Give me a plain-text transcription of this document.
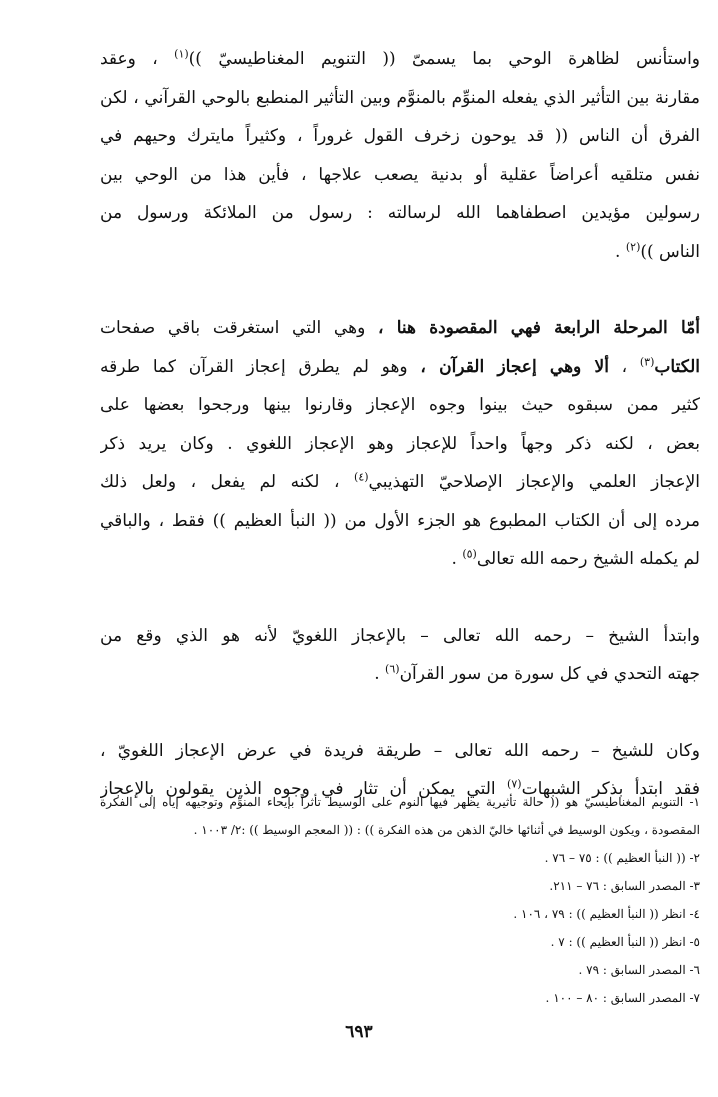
واستأنس لظاهرة الوحي بما يسمىّ (( التنويم المغناطيسيّ ))$^{(١)}$ ، وعقد
مقارنة بين التأثير الذي يفعله المنوِّم بالمنوَّم وبين التأثير المنطبع بالوحي القرآني ، لكن
الفرق أن الناس (( قد يوحون زخرف القول غروراً ، وكثيراً مايترك وحيهم في
نفس متلقيه أعراضاً عقلية أو بدنية يصعب علاجها ، فأين هذا من الوحي بين
رسولين مؤيدين اصطفاهما الله لرسالته : رسول من الملائكة ورسول من
الناس ))$^{(٢)}$ .
أمّا المرحلة الرابعة فهي المقصودة هنا ، وهي التي استغرقت باقي صفحات
الكتاب$^{(٣)}$ ، ألا وهي إعجاز القرآن ، وهو لم يطرق إعجاز القرآن كما طرقه
كثير ممن سبقوه حيث بينوا وجوه الإعجاز وقارنوا بينها ورجحوا بعضها على
بعض ، لكنه ذكر وجهاً واحداً للإعجاز وهو الإعجاز اللغوي . وكان يريد ذكر
الإعجاز العلمي والإعجاز الإصلاحيّ التهذيبي$^{(٤)}$ ، لكنه لم يفعل ، ولعل ذلك
مرده إلى أن الكتاب المطبوع هو الجزء الأول من (( النبأ العظيم )) فقط ، والباقي
لم يكمله الشيخ رحمه الله تعالى$^{(٥)}$ .
وابتدأ الشيخ – رحمه الله تعالى – بالإعجاز اللغويّ لأنه هو الذي وقع من
جهته التحدي في كل سورة من سور القرآن$^{(٦)}$ .
وكان للشيخ – رحمه الله تعالى – طريقة فريدة في عرض الإعجاز اللغويّ ،
فقد ابتدأ بذكر الشبهات$^{(٧)}$ التي يمكن أن تثار في وجوه الذين يقولون بالإعجاز
١- التنويم المغناطيسيّ هو (( حالة تأثيرية يظهر فيها النوم على الوسيط تأثراً بإيحاء المنوِّم وتوجيهه إياه إلى الفكرة
المقصودة ، ويكون الوسيط في أثنائها خاليّ الذهن من هذه الفكرة )) : (( المعجم الوسيط )) :٢/ ١٠٠٣ .
٢- (( النبأ العظيم )) : ٧٥ – ٧٦ .
٣- المصدر السابق : ٧٦ – ٢١١.
٤- انظر (( النبأ العظيم )) : ٧٩ ، ١٠٦ .
٥- انظر (( النبأ العظيم )) : ٧ .
٦- المصدر السابق : ٧٩ .
٧- المصدر السابق : ٨٠ – ١٠٠ .
٦٩٣
